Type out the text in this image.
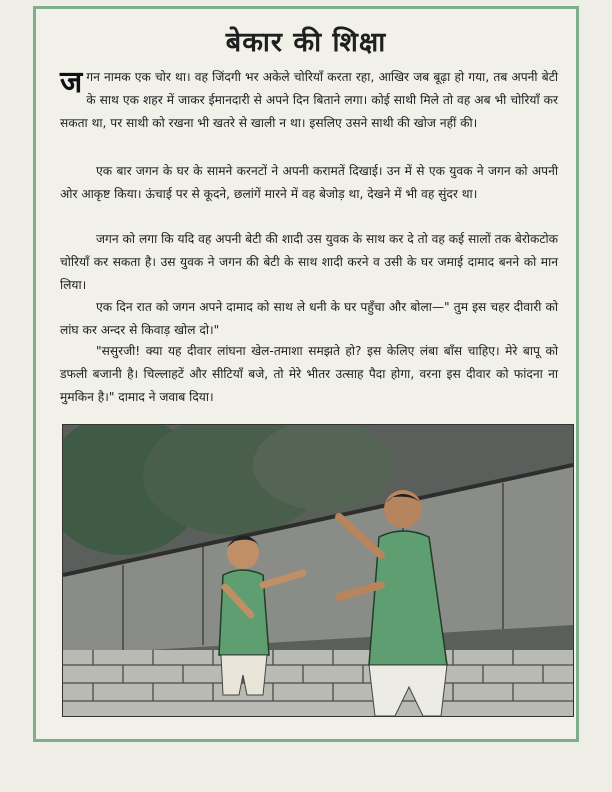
बेकार की शिक्षा
ज गन नामक एक चोर था। वह जिंदगी भर अकेले चोरियाँ करता रहा, आखिर जब बूढ़ा हो गया, तब अपनी बेटी के साथ एक शहर में जाकर ईमानदारी से अपने दिन बिताने लगा। कोई साथी मिले तो वह अब भी चोरियाँ कर सकता था, पर साथी को रखना भी खतरे से खाली न था। इसलिए उसने साथी की खोज नहीं की।
एक बार जगन के घर के सामने करनटों ने अपनी करामतें दिखाई। उन में से एक युवक ने जगन को अपनी ओर आकृष्ट किया। ऊंचाई पर से कूदने, छलांगें मारने में वह बेजोड़ था, देखने में भी वह सुंदर था।
जगन को लगा कि यदि वह अपनी बेटी की शादी उस युवक के साथ कर दे तो वह कई सालों तक बेरोकटोक चोरियाँ कर सकता है। उस युवक ने जगन की बेटी के साथ शादी करने व उसी के घर जमाई दामाद बनने को मान लिया।
एक दिन रात को जगन अपने दामाद को साथ ले धनी के घर पहुँचा और बोला—" तुम इस चहर दीवारी को लांघ कर अन्दर से किवाड़ खोल दो।"
"ससुरजी! क्या यह दीवार लांघना खेल-तमाशा समझते हो? इस केलिए लंबा बाँस चाहिए। मेरे बापू को डफली बजानी है। चिल्लाहटें और सीटियाँ बजे, तो मेरे भीतर उत्साह पैदा होगा, वरना इस दीवार को फांदना ना मुमकिन है।" दामाद ने जवाब दिया।
